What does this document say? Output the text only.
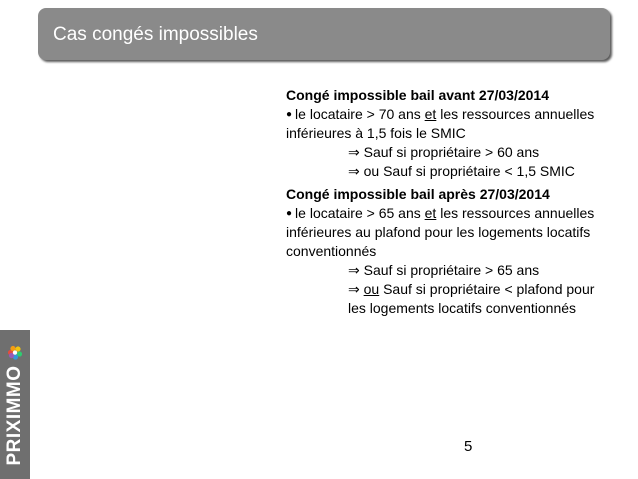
Cas congés impossibles
PRIXIMMO

Congé impossible bail avant 27/03/2014

● le locataire > 70 ans et les ressources annuelles inférieures à 1,5 fois le SMIC

⇒ Sauf si propriétaire > 60 ans

⇒ ou Sauf si propriétaire < 1,5 SMIC

Congé impossible bail après 27/03/2014

● le locataire > 65 ans et les ressources annuelles inférieures au plafond pour les logements locatifs conventionnés

⇒ Sauf si propriétaire > 65 ans

⇒ ou Sauf si propriétaire < plafond pour les logements locatifs conventionnés

5
